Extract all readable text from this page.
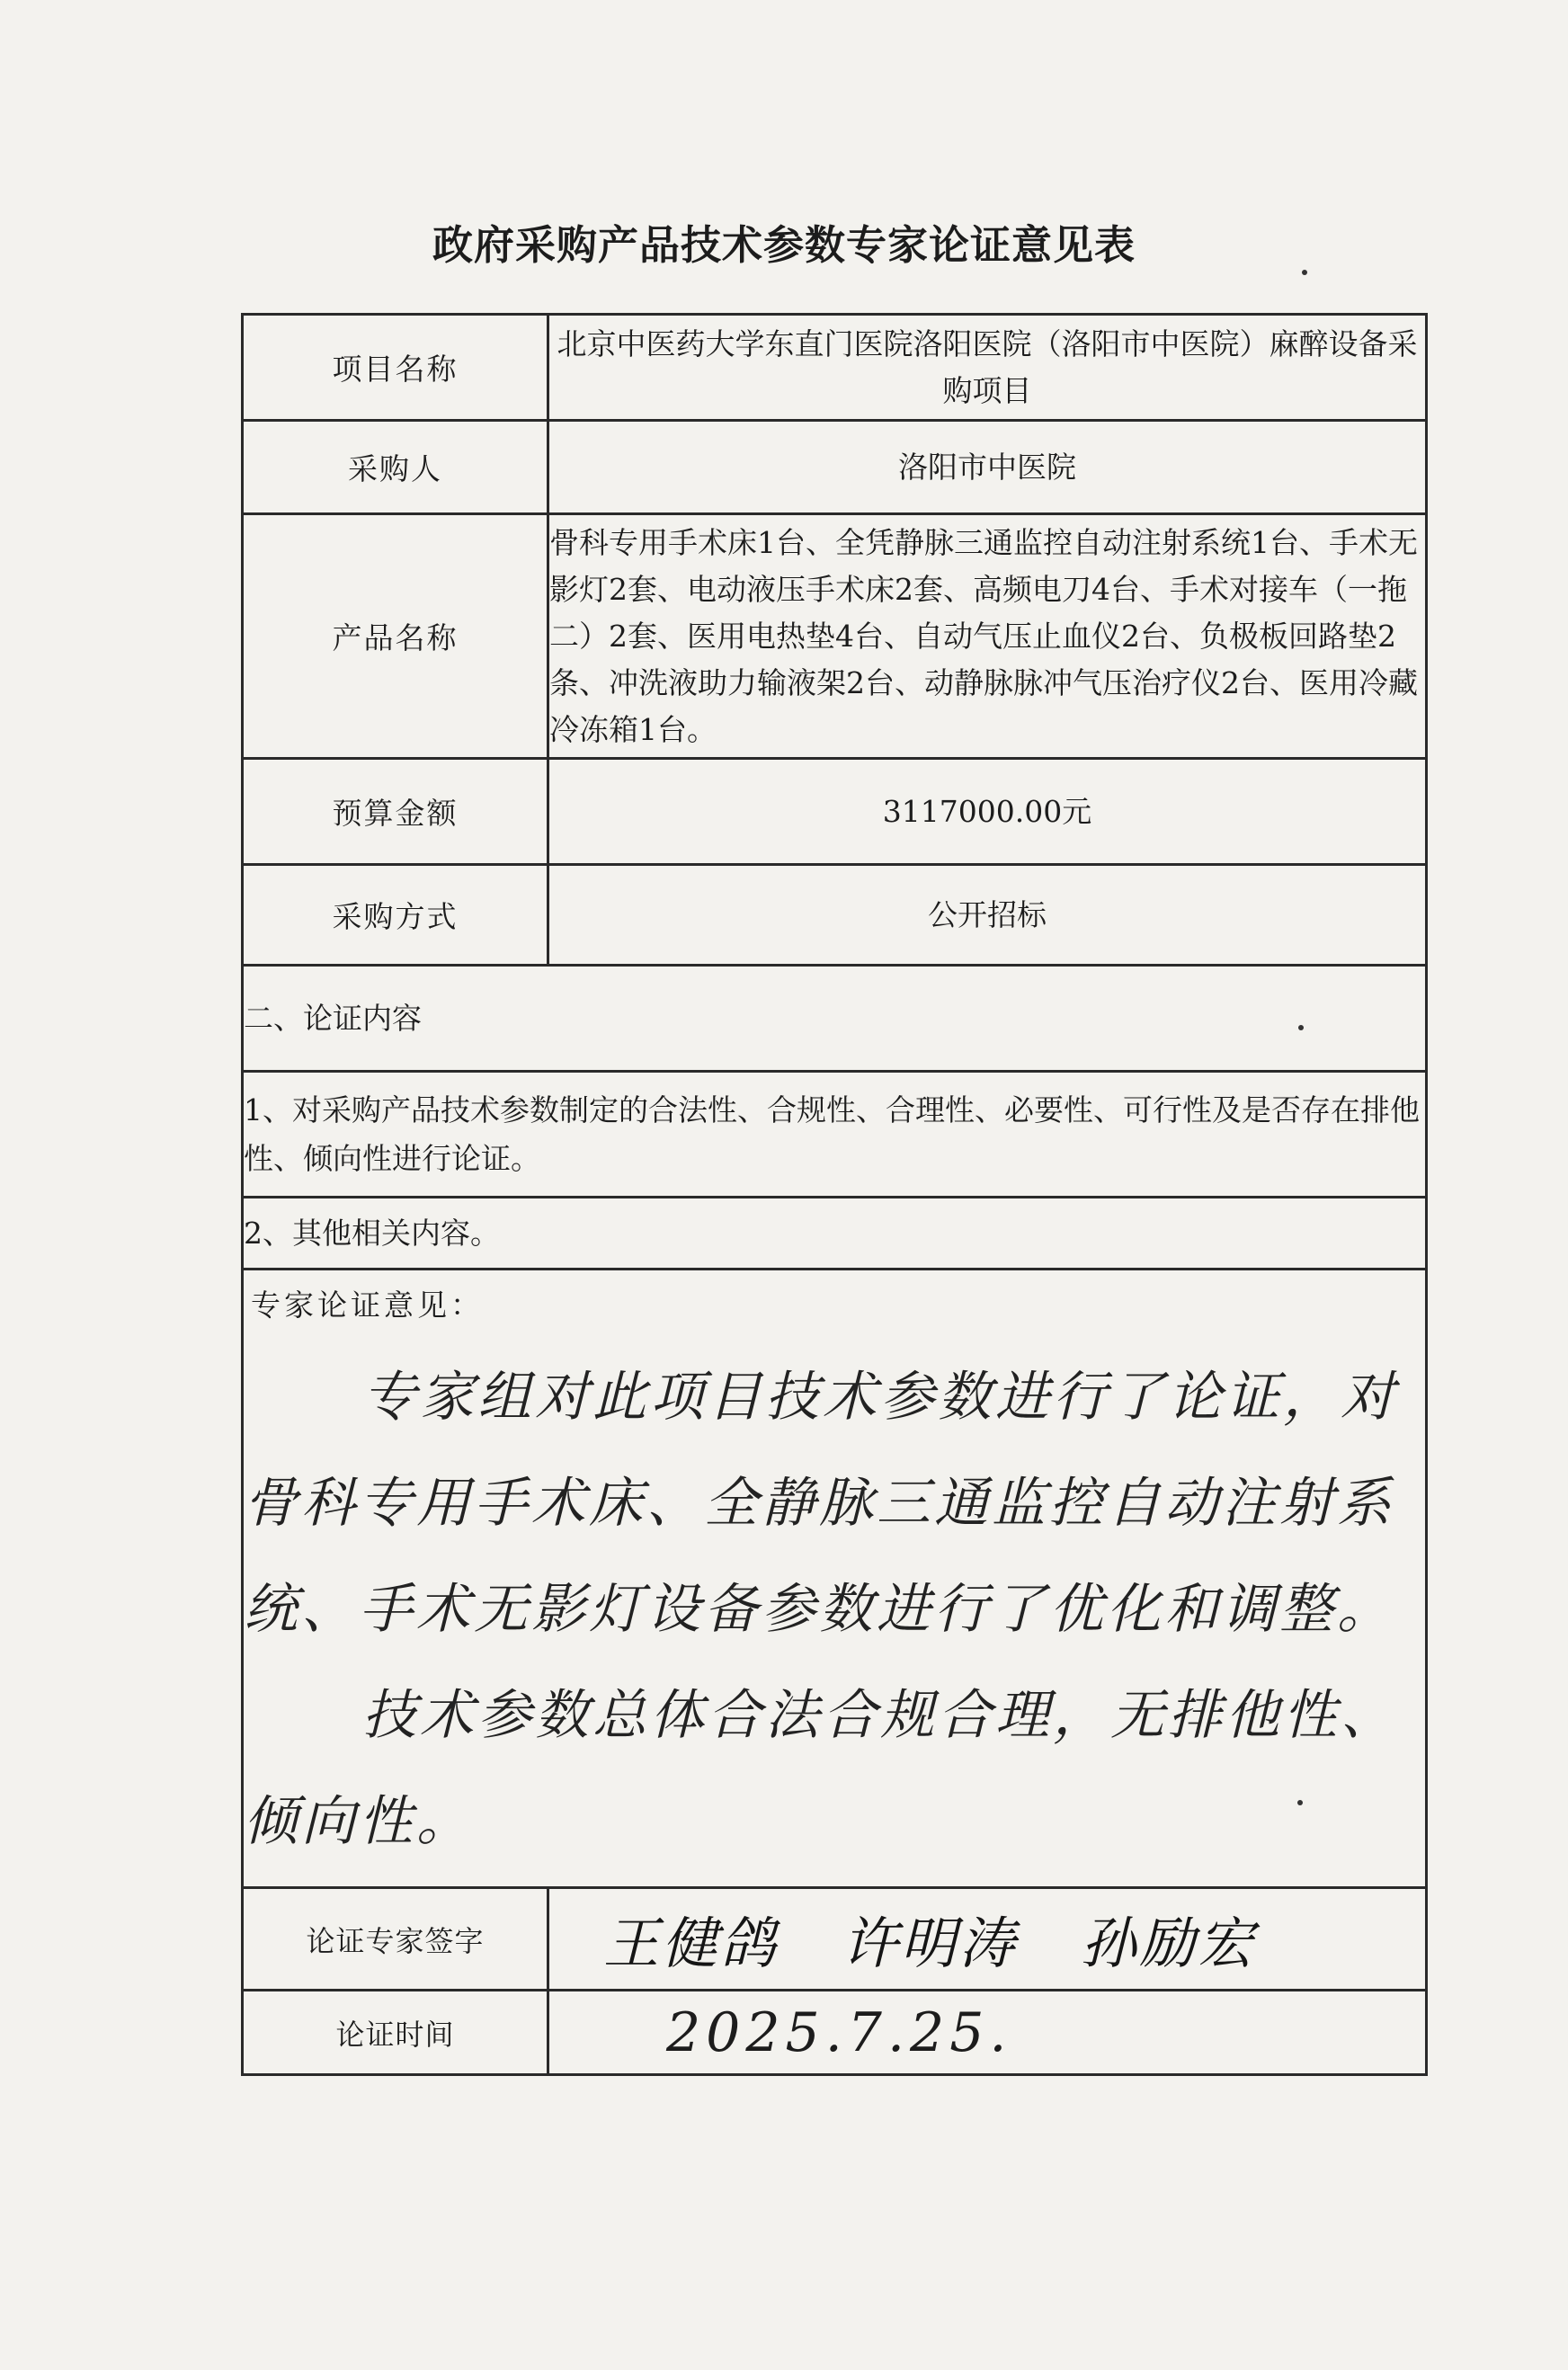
政府采购产品技术参数专家论证意见表
项目名称	北京中医药大学东直门医院洛阳医院（洛阳市中医院）麻醉设备采购项目
采购人	洛阳市中医院
产品名称	骨科专用手术床1台、全凭静脉三通监控自动注射系统1台、手术无影灯2套、电动液压手术床2套、高频电刀4台、手术对接车（一拖二）2套、医用电热垫4台、自动气压止血仪2台、负极板回路垫2条、冲洗液助力输液架2台、动静脉脉冲气压治疗仪2台、医用冷藏冷冻箱1台。
预算金额	3117000.00元
采购方式	公开招标
二、论证内容	
1、对采购产品技术参数制定的合法性、合规性、合理性、必要性、可行性及是否存在排他性、倾向性进行论证。	
2、其他相关内容。	

专家论证意见：

专家组对此项目技术参数进行了论证，对骨科专用手术床、全静脉三通监控自动注射系统、手术无影灯设备参数进行了优化和调整。

技术参数总体合法合规合理，无排他性、倾向性。	

论证专家签字	王健鸽 许明涛 孙励宏
论证时间	2025.7.25.
